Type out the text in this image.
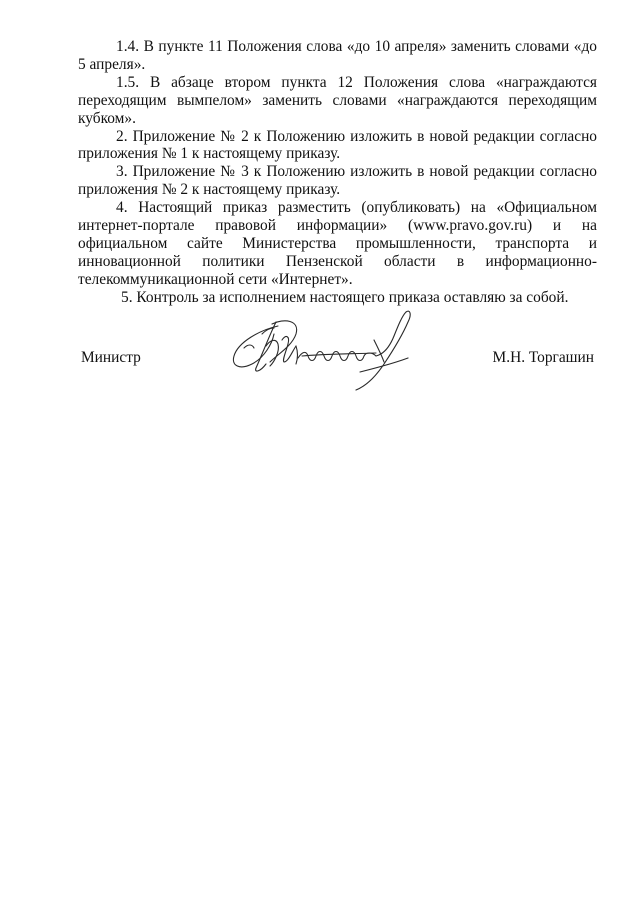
1.4. В пункте 11 Положения слова «до 10 апреля» заменить словами «до 5 апреля».

1.5. В абзаце втором пункта 12 Положения слова «награждаются переходящим вымпелом» заменить словами «награждаются переходящим кубком».

2. Приложение № 2 к Положению изложить в новой редакции согласно приложения № 1 к настоящему приказу.

3. Приложение № 3 к Положению изложить в новой редакции согласно приложения № 2 к настоящему приказу.

4. Настоящий приказ разместить (опубликовать) на «Официальном интернет-портале правовой информации» (www.pravo.gov.ru) и на официальном сайте Министерства промышленности, транспорта и инновационной политики Пензенской области в информационно-телекоммуникационной сети «Интернет».

5. Контроль за исполнением настоящего приказа оставляю за собой.

Министр	М.Н. Торгашин
